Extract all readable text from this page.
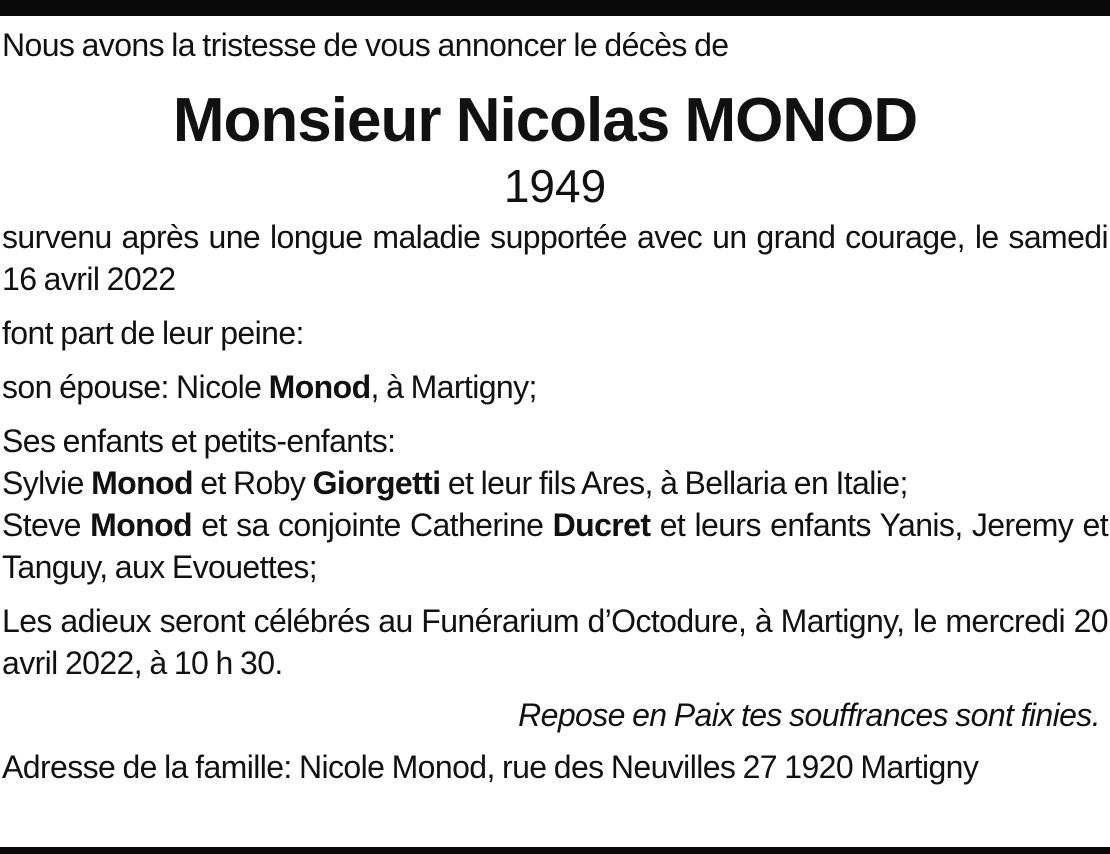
Nous avons la tristesse de vous annoncer le décès de

Monsieur Nicolas MONOD

1949

survenu après une longue maladie supportée avec un grand courage, le samedi 16 avril 2022

font part de leur peine:

son épouse: Nicole Monod, à Martigny;

Ses enfants et petits-enfants:

Sylvie Monod et Roby Giorgetti et leur fils Ares, à Bellaria en Italie;

Steve Monod et sa conjointe Catherine Ducret et leurs enfants Yanis, Jeremy et Tanguy, aux Evouettes;

Les adieux seront célébrés au Funérarium d’Octodure, à Martigny, le mercredi 20 avril 2022, à 10 h 30.

Repose en Paix tes souffrances sont finies.

Adresse de la famille: Nicole Monod, rue des Neuvilles 27 1920 Martigny
